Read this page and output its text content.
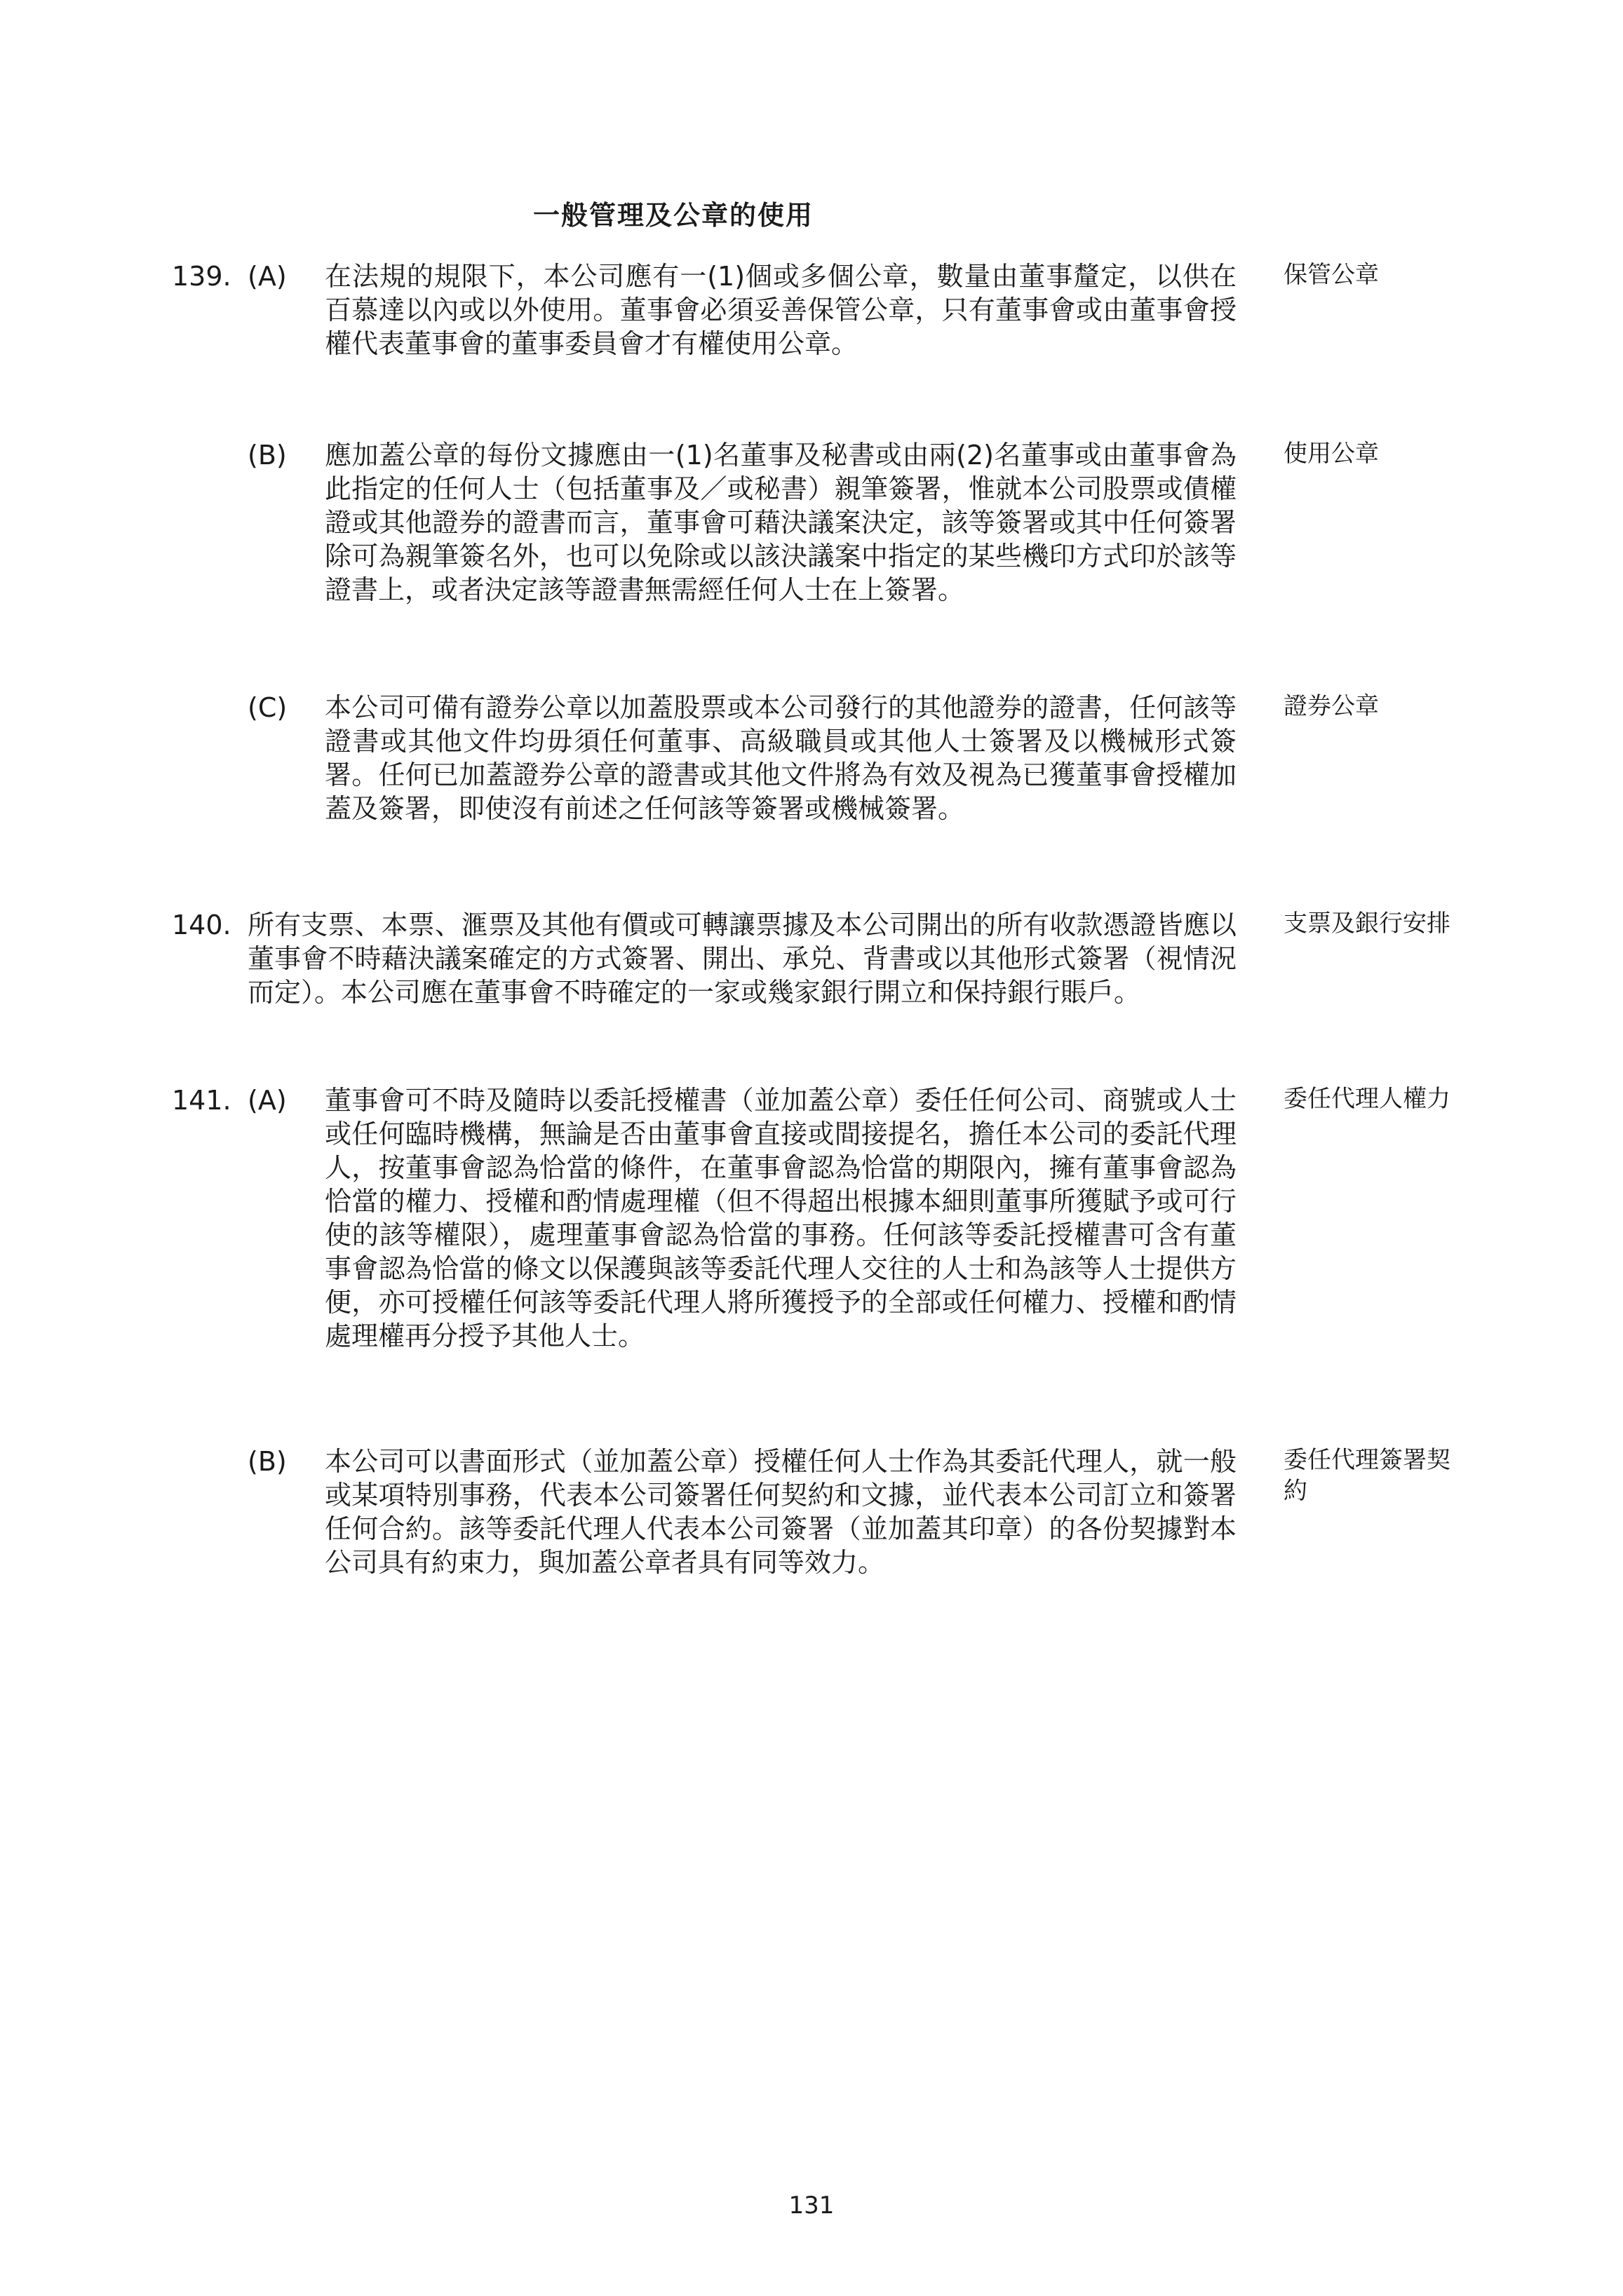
一般管理及公章的使用
139. (A) 在法規的規限下，本公司應有一(1)個或多個公章，數量由董事釐定，以供在百慕達以內或以外使用。董事會必須妥善保管公章，只有董事會或由董事會授權代表董事會的董事委員會才有權使用公章。
保管公章
(B) 應加蓋公章的每份文據應由一(1)名董事及秘書或由兩(2)名董事或由董事會為此指定的任何人士（包括董事及／或秘書）親筆簽署，惟就本公司股票或債權證或其他證券的證書而言，董事會可藉決議案決定，該等簽署或其中任何簽署除可為親筆簽名外，也可以免除或以該決議案中指定的某些機印方式印於該等證書上，或者決定該等證書無需經任何人士在上簽署。
使用公章
(C) 本公司可備有證券公章以加蓋股票或本公司發行的其他證券的證書，任何該等證書或其他文件均毋須任何董事、高級職員或其他人士簽署及以機械形式簽署。任何已加蓋證券公章的證書或其他文件將為有效及視為已獲董事會授權加蓋及簽署，即使沒有前述之任何該等簽署或機械簽署。
證券公章
140. 所有支票、本票、滙票及其他有價或可轉讓票據及本公司開出的所有收款憑證皆應以董事會不時藉決議案確定的方式簽署、開出、承兑、背書或以其他形式簽署（視情況而定）。本公司應在董事會不時確定的一家或幾家銀行開立和保持銀行賬戶。
支票及銀行安排
141. (A) 董事會可不時及隨時以委託授權書（並加蓋公章）委任任何公司、商號或人士或任何臨時機構，無論是否由董事會直接或間接提名，擔任本公司的委託代理人，按董事會認為恰當的條件，在董事會認為恰當的期限內，擁有董事會認為恰當的權力、授權和酌情處理權（但不得超出根據本細則董事所獲賦予或可行使的該等權限），處理董事會認為恰當的事務。任何該等委託授權書可含有董事會認為恰當的條文以保護與該等委託代理人交往的人士和為該等人士提供方便，亦可授權任何該等委託代理人將所獲授予的全部或任何權力、授權和酌情處理權再分授予其他人士。
委任代理人權力
(B) 本公司可以書面形式（並加蓋公章）授權任何人士作為其委託代理人，就一般或某項特別事務，代表本公司簽署任何契約和文據，並代表本公司訂立和簽署任何合約。該等委託代理人代表本公司簽署（並加蓋其印章）的各份契據對本公司具有約束力，與加蓋公章者具有同等效力。
委任代理簽署契約
131
